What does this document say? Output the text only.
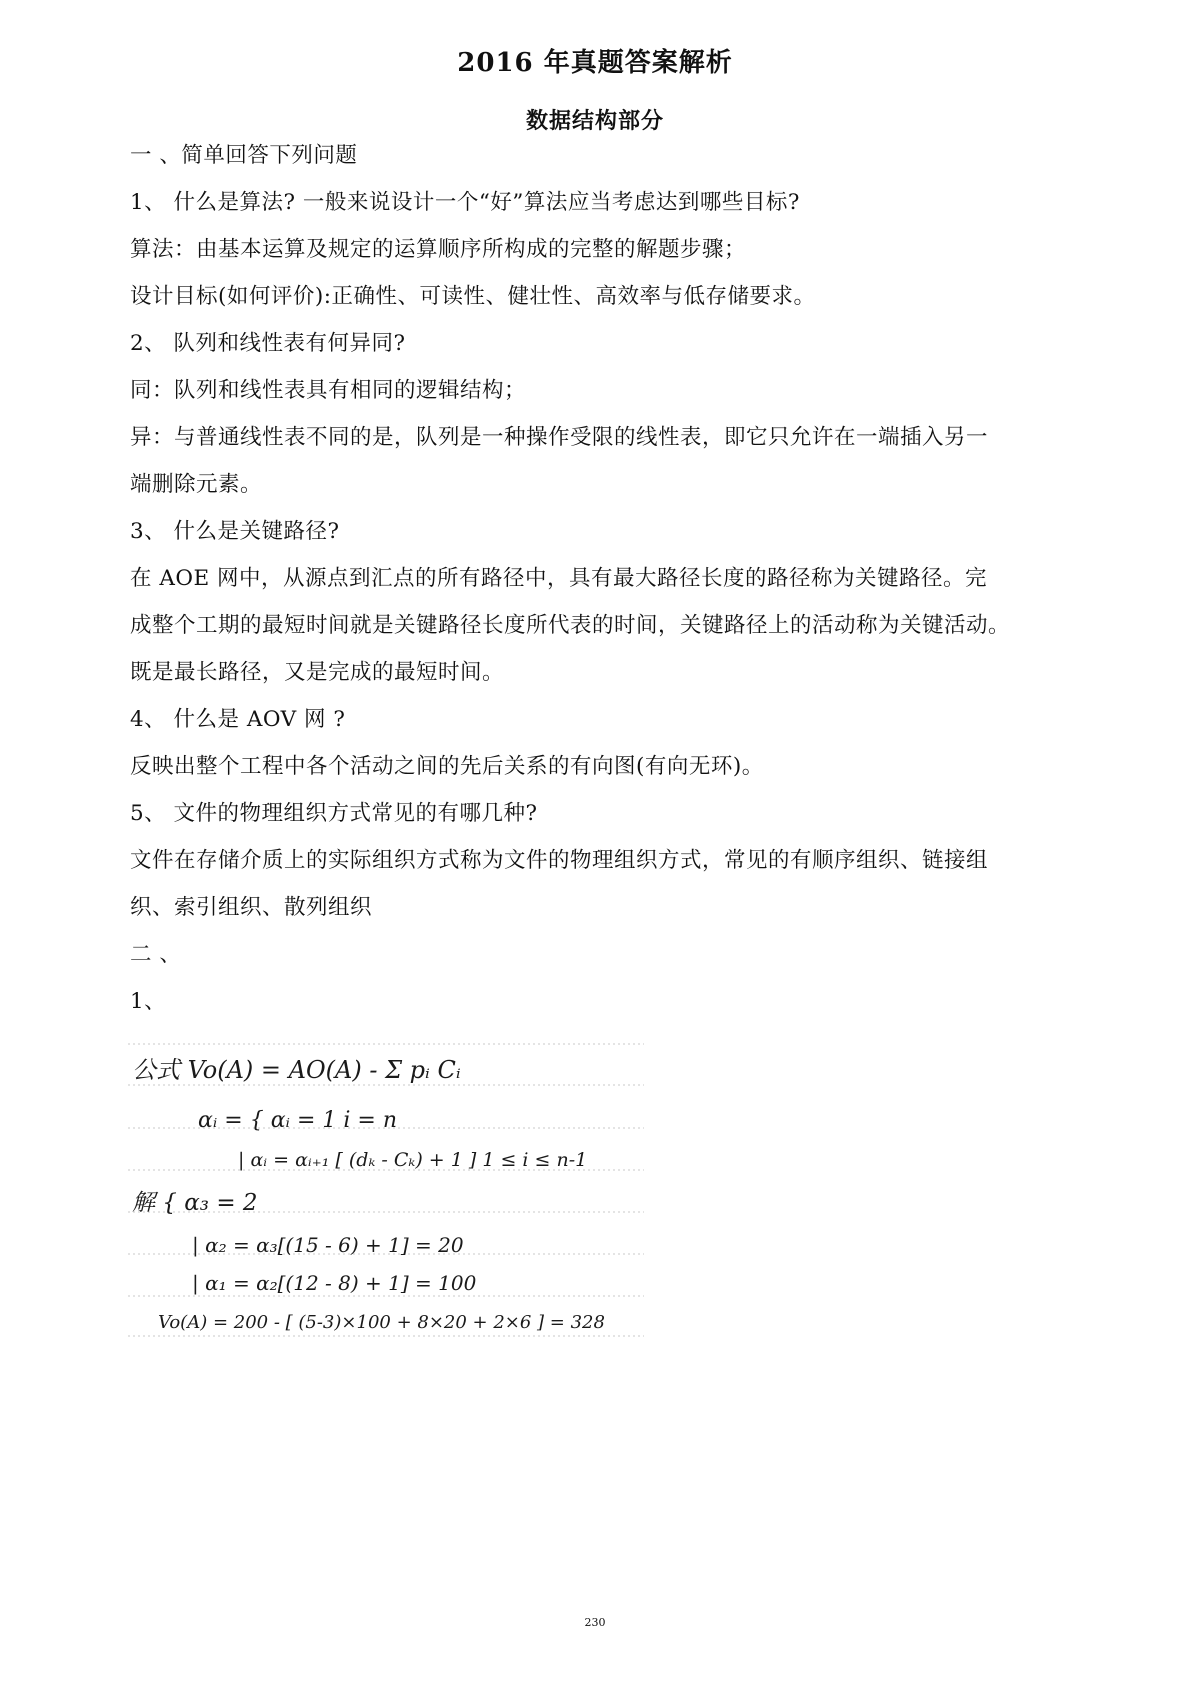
2016 年真题答案解析
数据结构部分
一 、简单回答下列问题
1、 什么是算法? 一般来说设计一个“好”算法应当考虑达到哪些目标?
算法：由基本运算及规定的运算顺序所构成的完整的解题步骤；
设计目标(如何评价):正确性、可读性、健壮性、高效率与低存储要求。
2、 队列和线性表有何异同?
同：队列和线性表具有相同的逻辑结构；
异：与普通线性表不同的是，队列是一种操作受限的线性表，即它只允许在一端插入另一
端删除元素。
3、 什么是关键路径?
在 AOE 网中，从源点到汇点的所有路径中，具有最大路径长度的路径称为关键路径。完
成整个工期的最短时间就是关键路径长度所代表的时间，关键路径上的活动称为关键活动。
既是最长路径，又是完成的最短时间。
4、 什么是 AOV 网 ?
反映出整个工程中各个活动之间的先后关系的有向图(有向无环)。
5、 文件的物理组织方式常见的有哪几种?
文件在存储介质上的实际组织方式称为文件的物理组织方式，常见的有顺序组织、链接组
织、索引组织、散列组织
二 、
1、
公式 Vo(A) = AO(A) - Σ pᵢ Cᵢ
αᵢ = { αᵢ = 1 i = n
| αᵢ = αᵢ₊₁ [ (dₖ - Cₖ) + 1 ] 1 ≤ i ≤ n-1
解 { α₃ = 2
| α₂ = α₃[(15 - 6) + 1] = 20
| α₁ = α₂[(12 - 8) + 1] = 100
Vo(A) = 200 - [ (5-3)×100 + 8×20 + 2×6 ] = 328
230
